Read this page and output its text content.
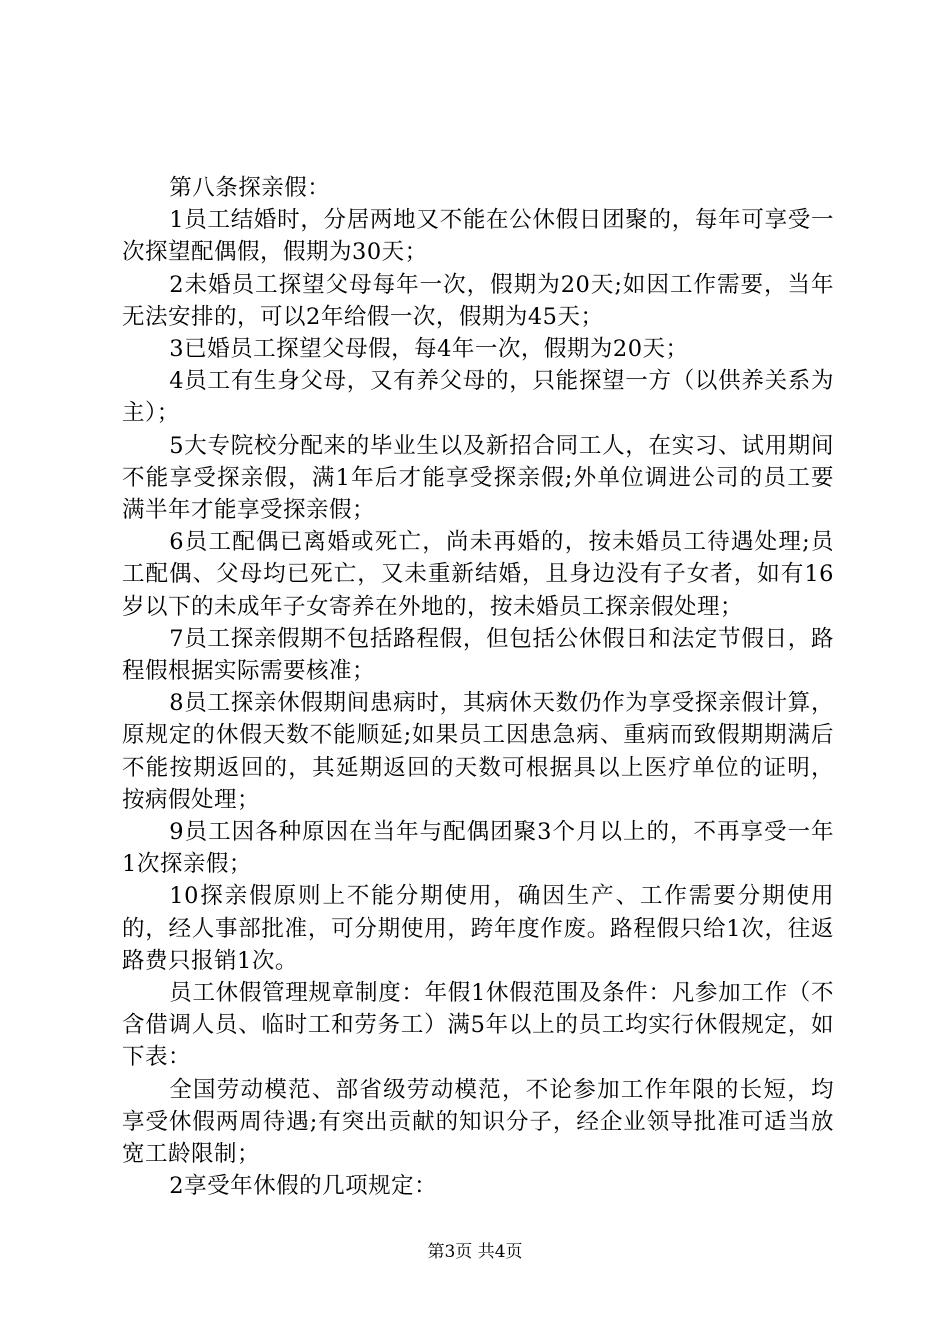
第八条探亲假：

1员工结婚时，分居两地又不能在公休假日团聚的，每年可享受一次探望配偶假，假期为30天；

2未婚员工探望父母每年一次，假期为20天;如因工作需要，当年无法安排的，可以2年给假一次，假期为45天；

3已婚员工探望父母假，每4年一次，假期为20天；

4员工有生身父母，又有养父母的，只能探望一方（以供养关系为主）；

5大专院校分配来的毕业生以及新招合同工人，在实习、试用期间不能享受探亲假，满1年后才能享受探亲假;外单位调进公司的员工要满半年才能享受探亲假；

6员工配偶已离婚或死亡，尚未再婚的，按未婚员工待遇处理;员工配偶、父母均已死亡，又未重新结婚，且身边没有子女者，如有16岁以下的未成年子女寄养在外地的，按未婚员工探亲假处理；

7员工探亲假期不包括路程假，但包括公休假日和法定节假日，路程假根据实际需要核准；

8员工探亲休假期间患病时，其病休天数仍作为享受探亲假计算，原规定的休假天数不能顺延;如果员工因患急病、重病而致假期期满后不能按期返回的，其延期返回的天数可根据具以上医疗单位的证明，按病假处理；

9员工因各种原因在当年与配偶团聚3个月以上的，不再享受一年1次探亲假；

10探亲假原则上不能分期使用，确因生产、工作需要分期使用的，经人事部批准，可分期使用，跨年度作废。路程假只给1次，往返路费只报销1次。

员工休假管理规章制度：年假1休假范围及条件：凡参加工作（不含借调人员、临时工和劳务工）满5年以上的员工均实行休假规定，如下表：

全国劳动模范、部省级劳动模范，不论参加工作年限的长短，均享受休假两周待遇;有突出贡献的知识分子，经企业领导批准可适当放宽工龄限制；

2享受年休假的几项规定：

第3页 共4页
